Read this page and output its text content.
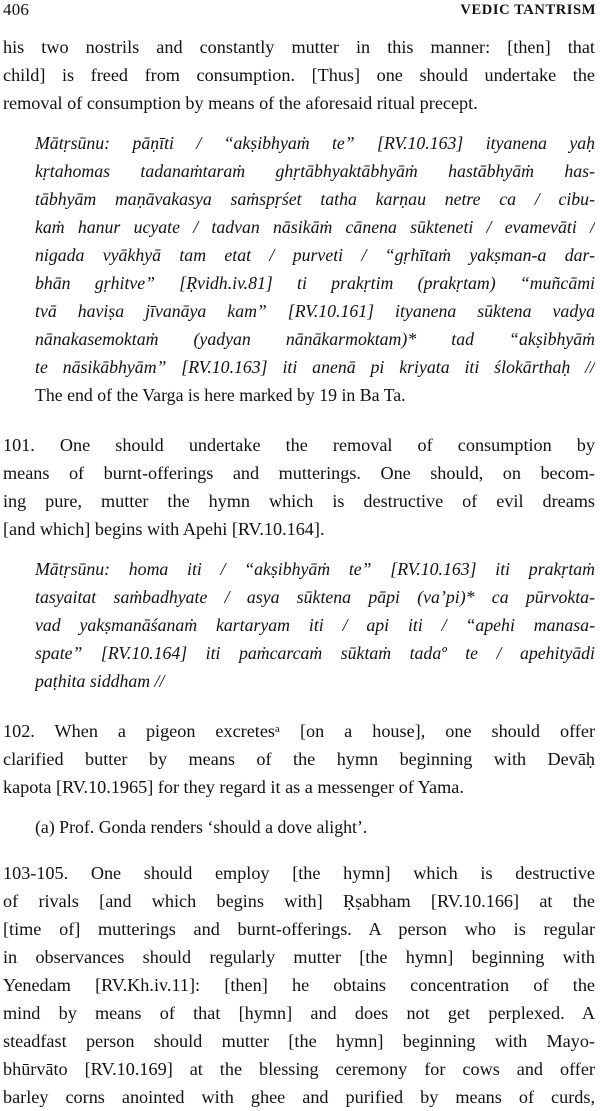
406	VEDIC TANTRISM

his two nostrils and constantly mutter in this manner: [then] that
child] is freed from consumption. [Thus] one should undertake the
removal of consumption by means of the aforesaid ritual precept.

Mātṛsūnu: pāṇīti / “akṣibhyaṁ te” [RV.10.163] ityanena yaḥ
kṛtahomas tadanaṁtaraṁ ghṛtābhyaktābhyāṁ hastābhyāṁ has-
tābhyām maṇāvakasya saṁspṛśet tatha karṇau netre ca / cibu-
kaṁ hanur ucyate / tadvan nāsikāṁ cānena sūkteneti / evamevāti /
nigada vyākhyā tam etat / purveti / “gṛhītaṁ yakṣman-a dar-
bhān gṛhitve” [Ṛvidh.iv.81] ti prakṛtim (prakṛtam) “muñcāmi
tvā haviṣa jīvanāya kam” [RV.10.161] ityanena sūktena vadya
nānakasemoktaṁ (yadyan nānākarmoktam)* tad “akṣibhyāṁ
te nāsikābhyām” [RV.10.163] iti anenā pi kriyata iti ślokārthaḥ //
The end of the Varga is here marked by 19 in Ba Ta.

101. One should undertake the removal of consumption by
means of burnt-offerings and mutterings. One should, on becom-
ing pure, mutter the hymn which is destructive of evil dreams
[and which] begins with Apehi [RV.10.164].

Mātṛsūnu: homa iti / “akṣibhyāṁ te” [RV.10.163] iti prakṛtaṁ
tasyaitat saṁbadhyate / asya sūktena pāpi (va’pi)* ca pūrvokta-
vad yakṣmanāśanaṁ kartaryam iti / api iti / “apehi manasa-
spate” [RV.10.164] iti paṁcarcaṁ sūktaṁ tadaº te / apehityādi
paṭhita siddham //

102. When a pigeon excretesᵃ [on a house], one should offer
clarified butter by means of the hymn beginning with Devāḥ
kapota [RV.10.1965] for they regard it as a messenger of Yama.

(a) Prof. Gonda renders ‘should a dove alight’.

103-105. One should employ [the hymn] which is destructive
of rivals [and which begins with] Ṛṣabham [RV.10.166] at the
[time of] mutterings and burnt-offerings. A person who is regular
in observances should regularly mutter [the hymn] beginning with
Yenedam [RV.Kh.iv.11]: [then] he obtains concentration of the
mind by means of that [hymn] and does not get perplexed. A
steadfast person should mutter [the hymn] beginning with Mayo-
bhūrvāto [RV.10.169] at the blessing ceremony for cows and offer
barley corns anointed with ghee and purified by means of curds,
